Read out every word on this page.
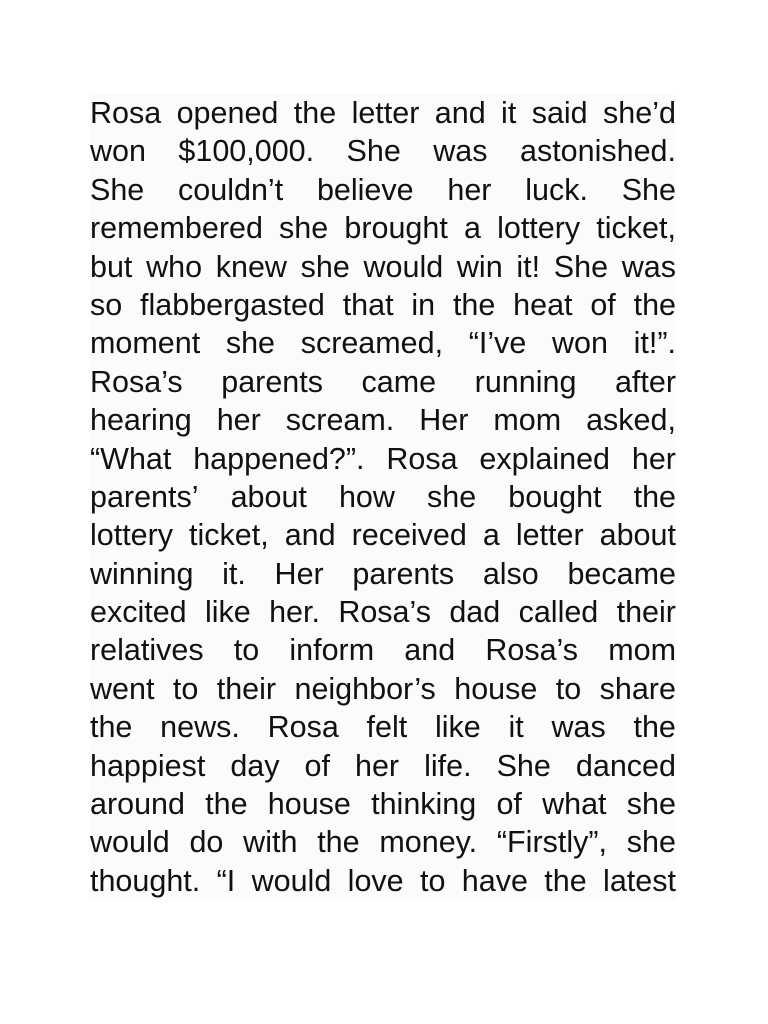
Rosa opened the letter and it said she’d
won $100,000. She was astonished.
She couldn’t believe her luck. She
remembered she brought a lottery ticket,
but who knew she would win it! She was
so flabbergasted that in the heat of the
moment she screamed, “I’ve won it!”.
Rosa’s parents came running after
hearing her scream. Her mom asked,
“What happened?”. Rosa explained her
parents’ about how she bought the
lottery ticket, and received a letter about
winning it. Her parents also became
excited like her. Rosa’s dad called their
relatives to inform and Rosa’s mom
went to their neighbor’s house to share
the news. Rosa felt like it was the
happiest day of her life. She danced
around the house thinking of what she
would do with the money. “Firstly”, she
thought. “I would love to have the latest
